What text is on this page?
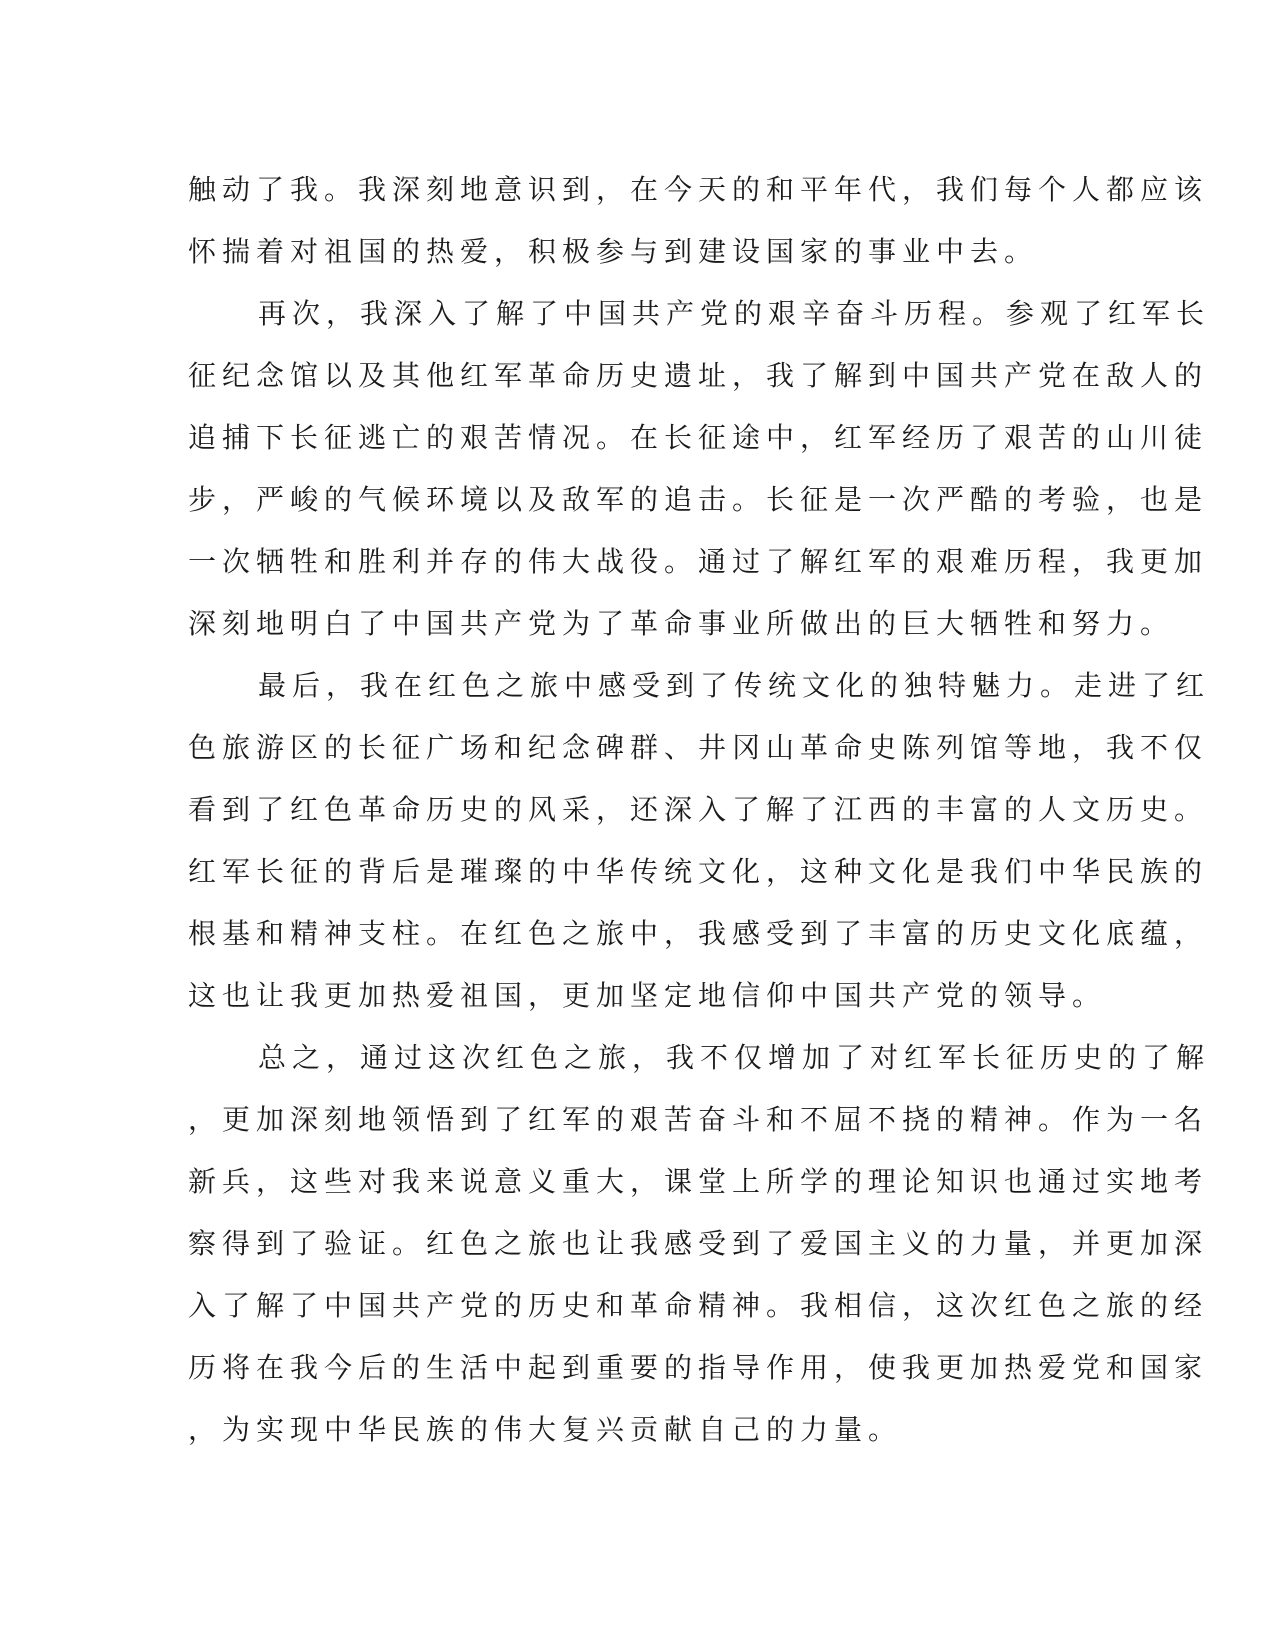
触动了我。我深刻地意识到，在今天的和平年代，我们每个人都应该
怀揣着对祖国的热爱，积极参与到建设国家的事业中去。
再次，我深入了解了中国共产党的艰辛奋斗历程。参观了红军长
征纪念馆以及其他红军革命历史遗址，我了解到中国共产党在敌人的
追捕下长征逃亡的艰苦情况。在长征途中，红军经历了艰苦的山川徒
步，严峻的气候环境以及敌军的追击。长征是一次严酷的考验，也是
一次牺牲和胜利并存的伟大战役。通过了解红军的艰难历程，我更加
深刻地明白了中国共产党为了革命事业所做出的巨大牺牲和努力。
最后，我在红色之旅中感受到了传统文化的独特魅力。走进了红
色旅游区的长征广场和纪念碑群、井冈山革命史陈列馆等地，我不仅
看到了红色革命历史的风采，还深入了解了江西的丰富的人文历史。
红军长征的背后是璀璨的中华传统文化，这种文化是我们中华民族的
根基和精神支柱。在红色之旅中，我感受到了丰富的历史文化底蕴，
这也让我更加热爱祖国，更加坚定地信仰中国共产党的领导。
总之，通过这次红色之旅，我不仅增加了对红军长征历史的了解
，更加深刻地领悟到了红军的艰苦奋斗和不屈不挠的精神。作为一名
新兵，这些对我来说意义重大，课堂上所学的理论知识也通过实地考
察得到了验证。红色之旅也让我感受到了爱国主义的力量，并更加深
入了解了中国共产党的历史和革命精神。我相信，这次红色之旅的经
历将在我今后的生活中起到重要的指导作用，使我更加热爱党和国家
，为实现中华民族的伟大复兴贡献自己的力量。
